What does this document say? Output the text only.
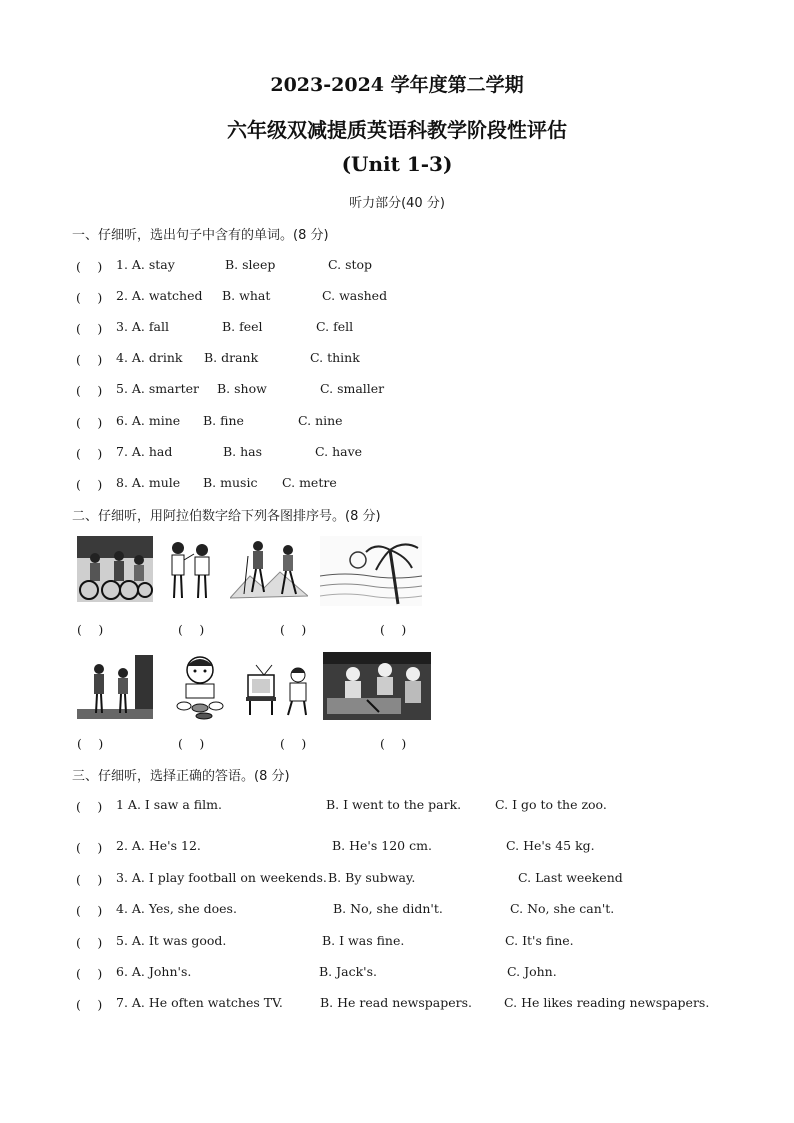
2023-2024 学年度第二学期
六年级双减提质英语科教学阶段性评估
(Unit 1-3)
听力部分(40 分)
一、仔细听，选出句子中含有的单词。(8 分)
(　 ) 1. A. stay	B. sleep	C. stop
(　 ) 2. A. watched B. what	C. washed
(　 ) 3. A. fall	B. feel	C. fell
(　 ) 4. A. drink B. drank	C. think
(　 ) 5. A. smarter B. show	C. smaller
(　 ) 6. A. mine B. fine	C. nine
(　 ) 7. A. had	B. has	C. have
(　 ) 8. A. mule B. music C. metre
二、仔细听，用阿拉伯数字给下列各图排序号。(8 分)
(　 )	(　 )	(　 )	(　 )
(　 )	(　 )	(　 )	(　 )
三、仔细听，选择正确的答语。(8 分)
(　 ) 1 A. I saw a film.	B. I went to the park.	C. I go to the zoo.
(　 ) 2. A. He's 12.	B. He's 120 cm.	C. He's 45 kg.
(　 ) 3. A. I play football on weekends. B. By subway.	C. Last weekend
(　 ) 4. A. Yes, she does.	B. No, she didn't.	C. No, she can't.
(　 ) 5. A. It was good.	B. I was fine.	C. It's fine.
(　 ) 6. A. John's.	B. Jack's.	C. John.
(　 ) 7. A. He often watches TV.	B. He read newspapers.	C. He likes reading newspapers.
